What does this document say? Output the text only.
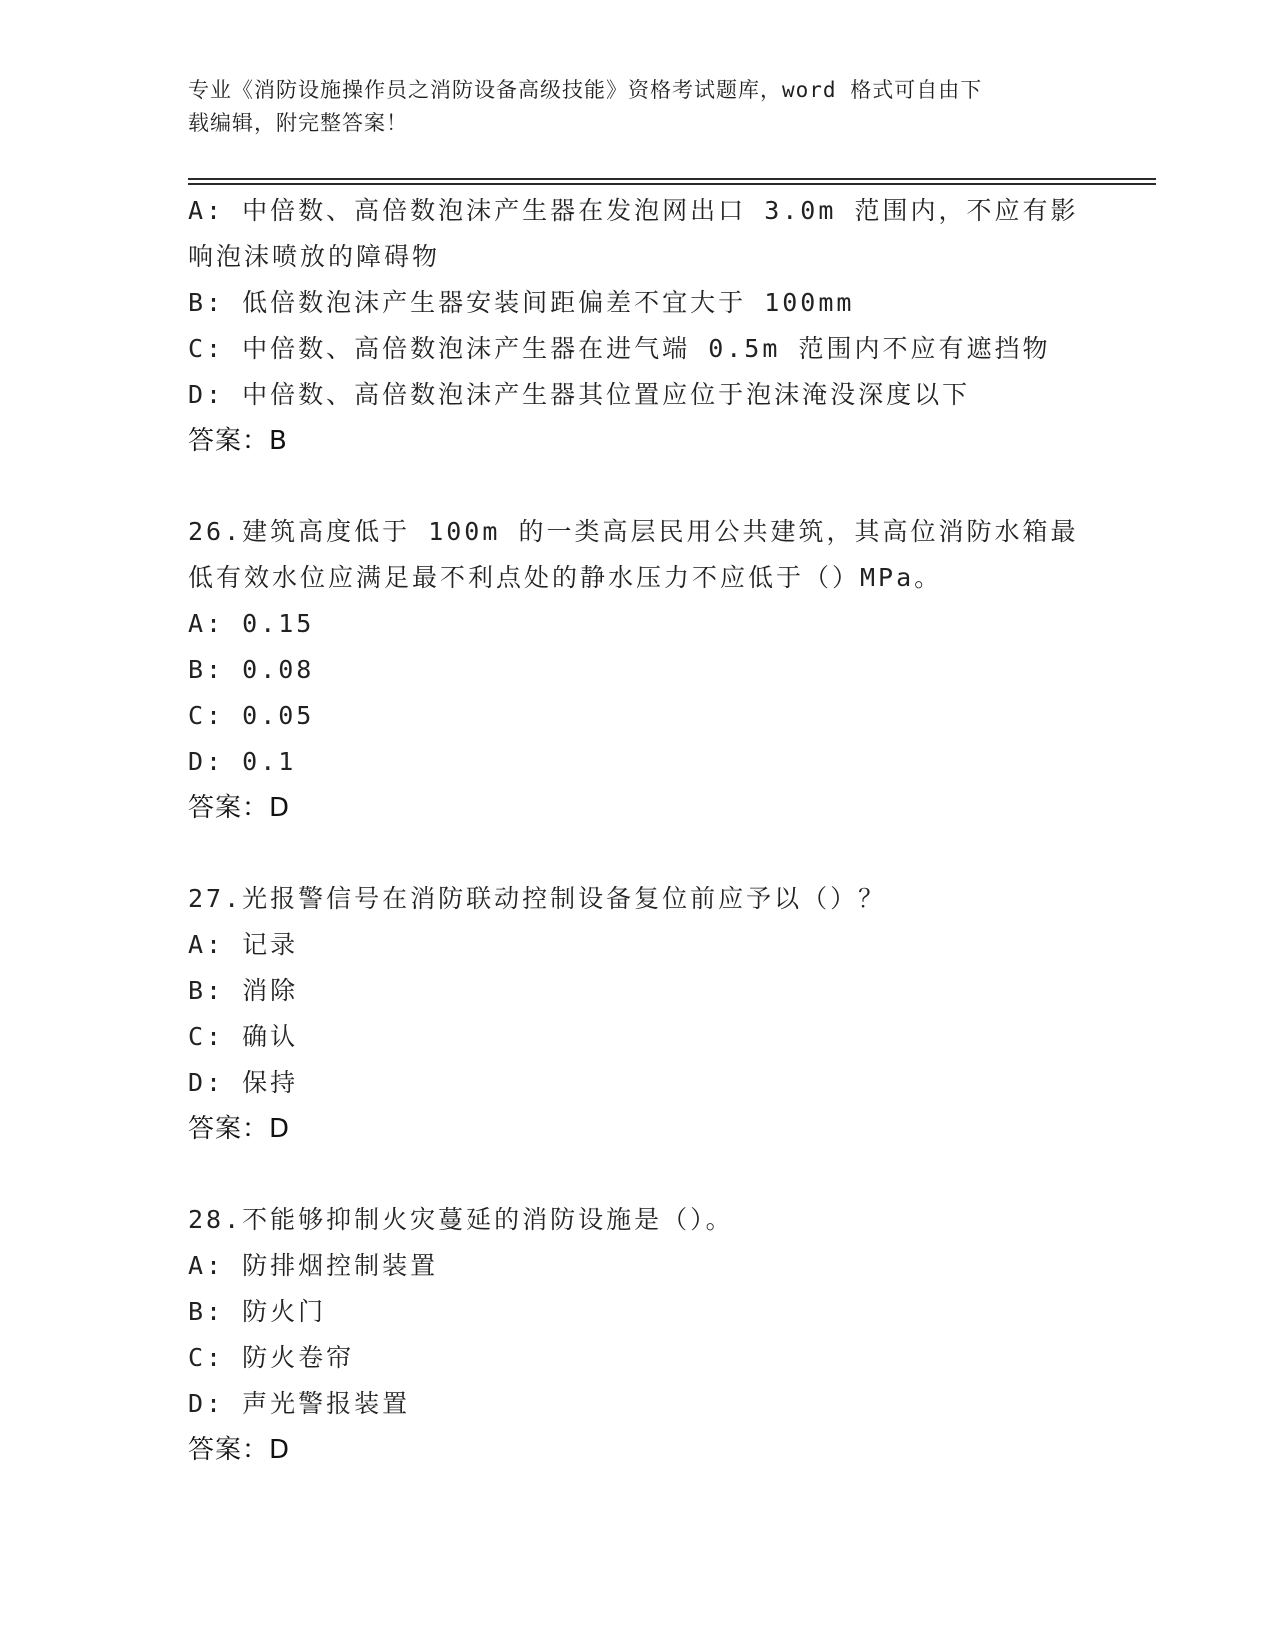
专业《消防设施操作员之消防设备高级技能》资格考试题库，word 格式可自由下
载编辑，附完整答案！
A: 中倍数、高倍数泡沫产生器在发泡网出口 3.0m 范围内，不应有影
响泡沫喷放的障碍物
B: 低倍数泡沫产生器安装间距偏差不宜大于 100mm
C: 中倍数、高倍数泡沫产生器在进气端 0.5m 范围内不应有遮挡物
D: 中倍数、高倍数泡沫产生器其位置应位于泡沫淹没深度以下
答案：B
26.建筑高度低于 100m 的一类高层民用公共建筑，其高位消防水箱最
低有效水位应满足最不利点处的静水压力不应低于（）MPa。
A: 0.15
B: 0.08
C: 0.05
D: 0.1
答案：D
27.光报警信号在消防联动控制设备复位前应予以（）？
A: 记录
B: 消除
C: 确认
D: 保持
答案：D
28.不能够抑制火灾蔓延的消防设施是（）。
A: 防排烟控制装置
B: 防火门
C: 防火卷帘
D: 声光警报装置
答案：D
